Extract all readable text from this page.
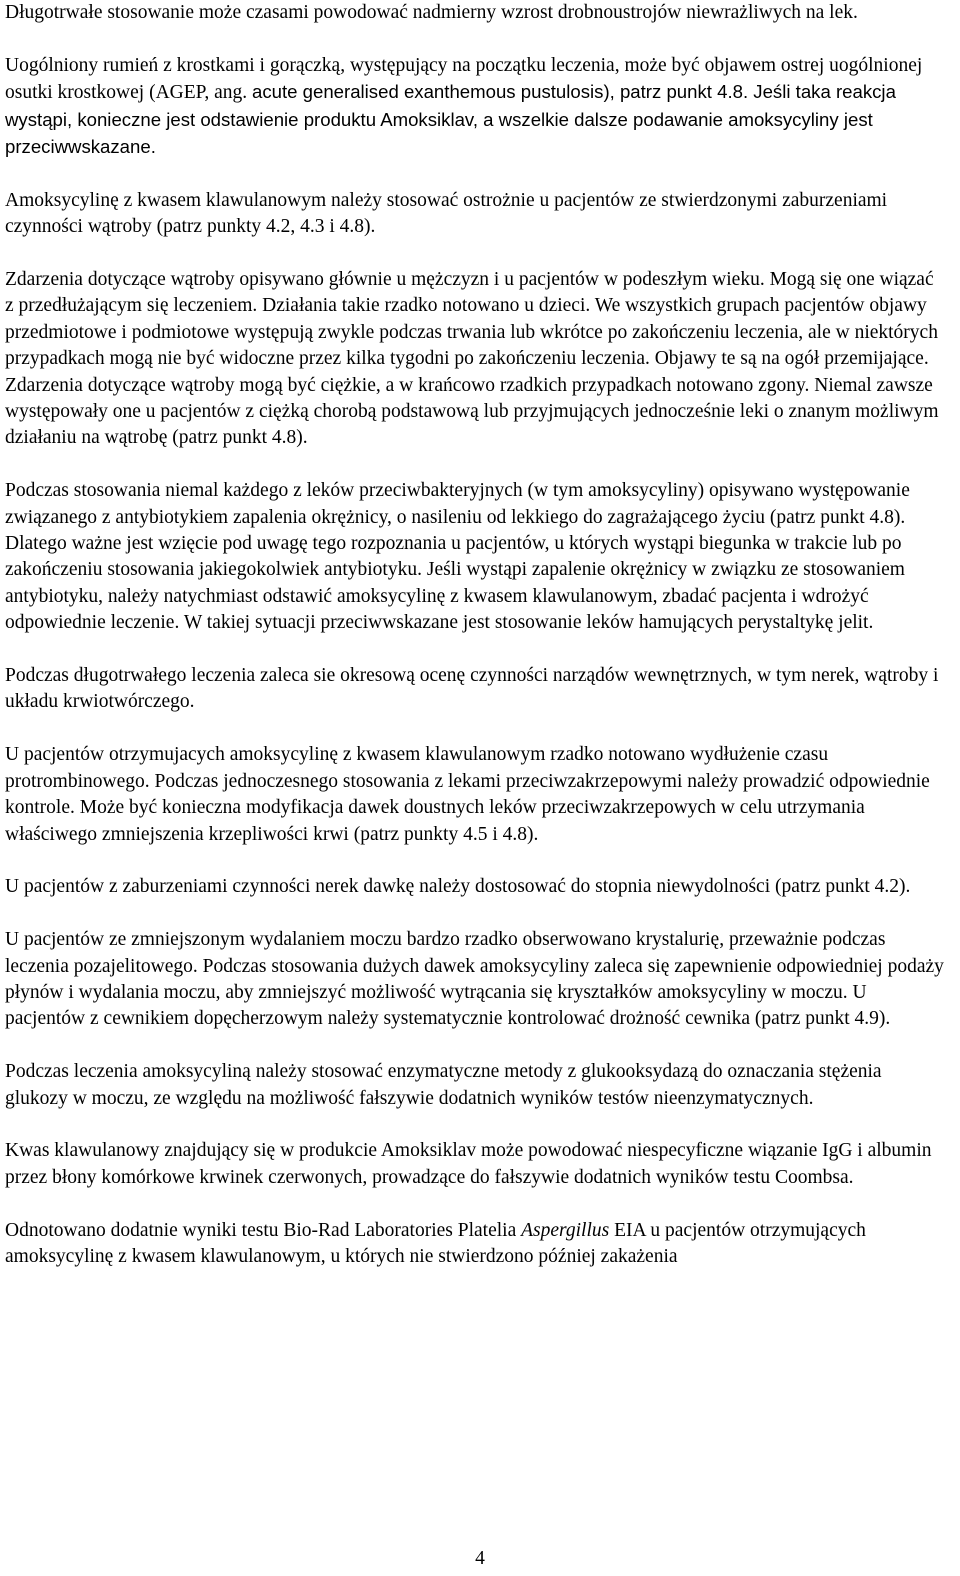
Długotrwałe stosowanie może czasami powodować nadmierny wzrost drobnoustrojów niewrażliwych na lek.

Uogólniony rumień z krostkami i gorączką, występujący na początku leczenia, może być objawem ostrej uogólnionej osutki krostkowej (AGEP, ang. acute generalised exanthemous pustulosis), patrz punkt 4.8. Jeśli taka reakcja wystąpi, konieczne jest odstawienie produktu Amoksiklav, a wszelkie dalsze podawanie amoksycyliny jest przeciwwskazane.

Amoksycylinę z kwasem klawulanowym należy stosować ostrożnie u pacjentów ze stwierdzonymi zaburzeniami czynności wątroby (patrz punkty 4.2, 4.3 i 4.8).

Zdarzenia dotyczące wątroby opisywano głównie u mężczyzn i u pacjentów w podeszłym wieku. Mogą się one wiązać z przedłużającym się leczeniem. Działania takie rzadko notowano u dzieci. We wszystkich grupach pacjentów objawy przedmiotowe i podmiotowe występują zwykle podczas trwania lub wkrótce po zakończeniu leczenia, ale w niektórych przypadkach mogą nie być widoczne przez kilka tygodni po zakończeniu leczenia. Objawy te są na ogół przemijające. Zdarzenia dotyczące wątroby mogą być ciężkie, a w krańcowo rzadkich przypadkach notowano zgony. Niemal zawsze występowały one u pacjentów z ciężką chorobą podstawową lub przyjmujących jednocześnie leki o znanym możliwym działaniu na wątrobę (patrz punkt 4.8).

Podczas stosowania niemal każdego z leków przeciwbakteryjnych (w tym amoksycyliny) opisywano występowanie związanego z antybiotykiem zapalenia okrężnicy, o nasileniu od lekkiego do zagrażającego życiu (patrz punkt 4.8). Dlatego ważne jest wzięcie pod uwagę tego rozpoznania u pacjentów, u których wystąpi biegunka w trakcie lub po zakończeniu stosowania jakiegokolwiek antybiotyku. Jeśli wystąpi zapalenie okrężnicy w związku ze stosowaniem antybiotyku, należy natychmiast odstawić amoksycylinę z kwasem klawulanowym, zbadać pacjenta i wdrożyć odpowiednie leczenie. W takiej sytuacji przeciwwskazane jest stosowanie leków hamujących perystaltykę jelit.

Podczas długotrwałego leczenia zaleca sie okresową ocenę czynności narządów wewnętrznych, w tym nerek, wątroby i układu krwiotwórczego.

U pacjentów otrzymujacych amoksycylinę z kwasem klawulanowym rzadko notowano wydłużenie czasu protrombinowego. Podczas jednoczesnego stosowania z lekami przeciwzakrzepowymi należy prowadzić odpowiednie kontrole. Może być konieczna modyfikacja dawek doustnych leków przeciwzakrzepowych w celu utrzymania właściwego zmniejszenia krzepliwości krwi (patrz punkty 4.5 i 4.8).

U pacjentów z zaburzeniami czynności nerek dawkę należy dostosować do stopnia niewydolności (patrz punkt 4.2).

U pacjentów ze zmniejszonym wydalaniem moczu bardzo rzadko obserwowano krystalurię, przeważnie podczas leczenia pozajelitowego. Podczas stosowania dużych dawek amoksycyliny zaleca się zapewnienie odpowiedniej podaży płynów i wydalania moczu, aby zmniejszyć możliwość wytrącania się kryształków amoksycyliny w moczu. U pacjentów z cewnikiem dopęcherzowym należy systematycznie kontrolować drożność cewnika (patrz punkt 4.9).

Podczas leczenia amoksycyliną należy stosować enzymatyczne metody z glukooksydazą do oznaczania stężenia glukozy w moczu, ze względu na możliwość fałszywie dodatnich wyników testów nieenzymatycznych.

Kwas klawulanowy znajdujący się w produkcie Amoksiklav może powodować niespecyficzne wiązanie IgG i albumin przez błony komórkowe krwinek czerwonych, prowadzące do fałszywie dodatnich wyników testu Coombsa.

Odnotowano dodatnie wyniki testu Bio-Rad Laboratories Platelia Aspergillus EIA u pacjentów otrzymujących amoksycylinę z kwasem klawulanowym, u których nie stwierdzono później zakażenia

4
